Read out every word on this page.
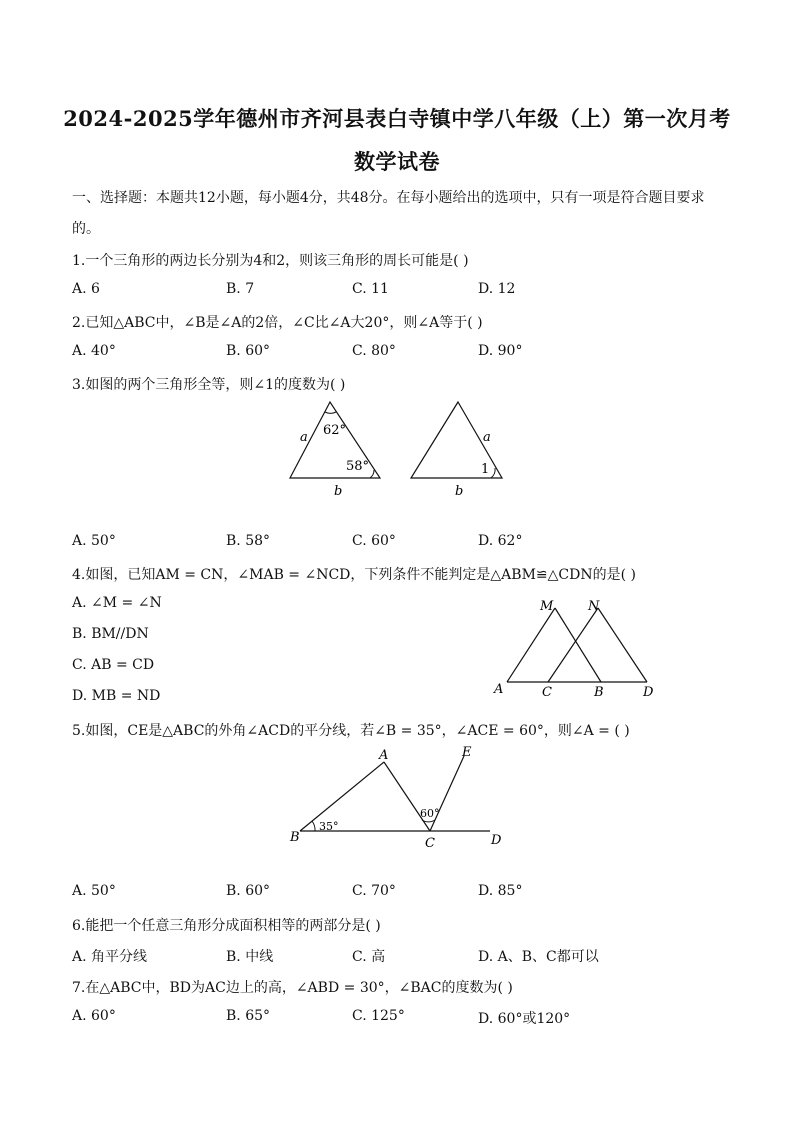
2024-2025学年德州市齐河县表白寺镇中学八年级（上）第一次月考
数学试卷
一、选择题：本题共12小题，每小题4分，共48分。在每小题给出的选项中，只有一项是符合题目要求
的。
1.一个三角形的两边长分别为4和2，则该三角形的周长可能是( )
A. 6	B. 7	C. 11	D. 12
2.已知△ABC中，∠B是∠A的2倍，∠C比∠A大20°，则∠A等于( )
A. 40°	B. 60°	C. 80°	D. 90°
3.如图的两个三角形全等，则∠1的度数为( )
62°
58°
a
b
a
b
1
A. 50°	B. 58°	C. 60°	D. 62°
4.如图，已知AM = CN，∠MAB = ∠NCD，下列条件不能判定是△ABM≌△CDN的是( )
A. ∠M = ∠N
B. BM//DN
C. AB = CD
D. MB = ND
M	N
A	C	B	D
5.如图，CE是△ABC的外角∠ACD的平分线，若∠B = 35°，∠ACE = 60°，则∠A = ( )
A	E
B	C	D
35°
60°
A. 50°	B. 60°	C. 70°	D. 85°
6.能把一个任意三角形分成面积相等的两部分是( )
A. 角平分线	B. 中线	C. 高	D. A、B、C都可以
7.在△ABC中，BD为AC边上的高，∠ABD = 30°，∠BAC的度数为( )
A. 60°	B. 65°	C. 125°	D. 60°或120°
